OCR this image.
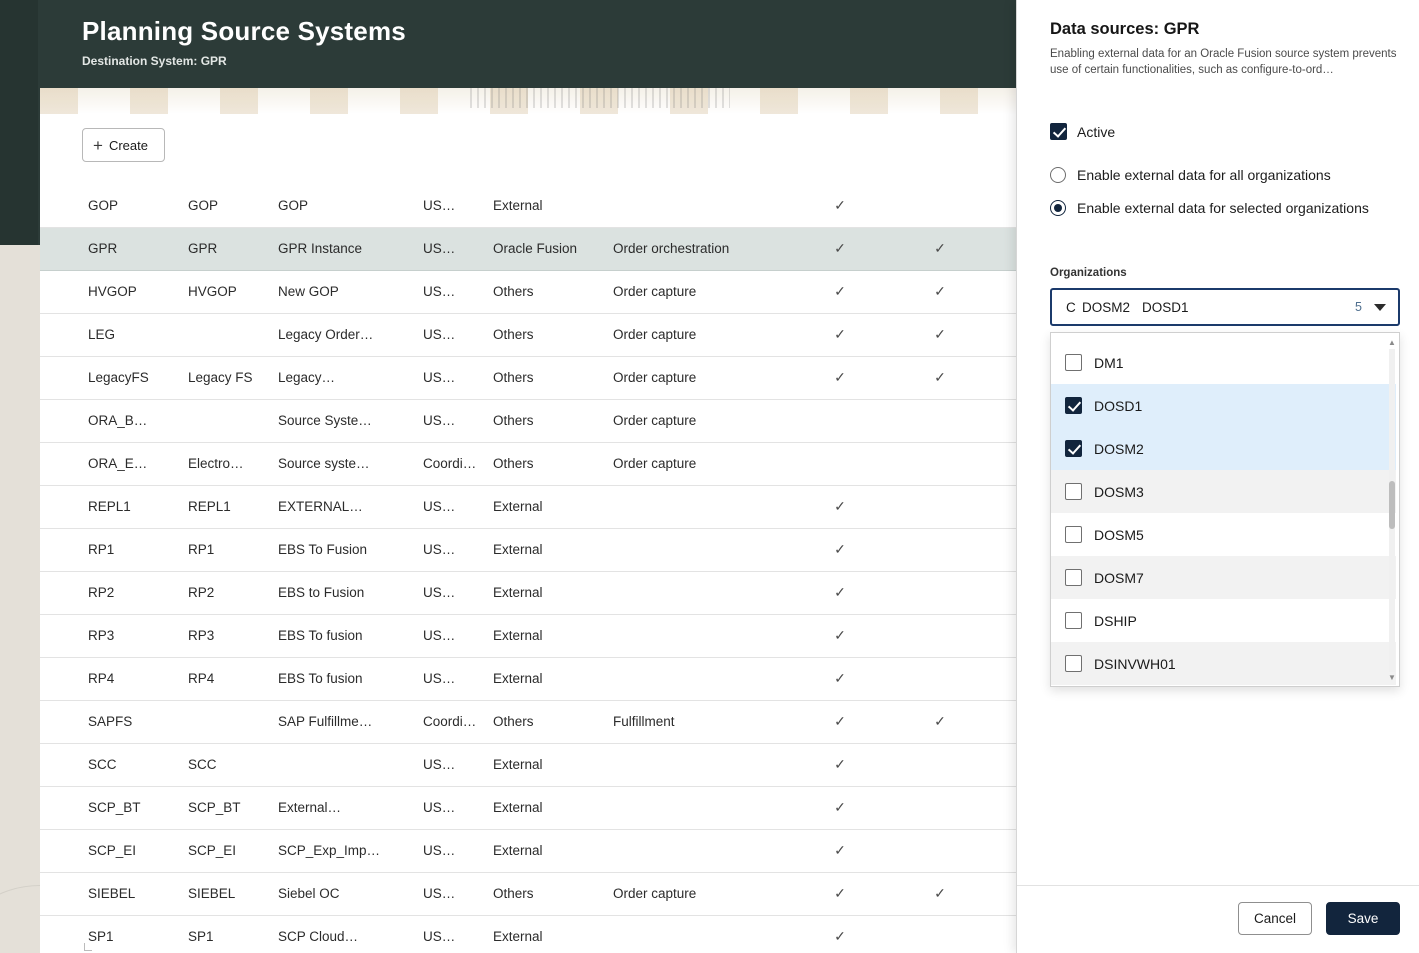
Planning Source Systems
Destination System: GPR
+ Create
	GOP	GOP	GOP	US…	External		✓		
	GPR	GPR	GPR Instance	US…	Oracle Fusion	Order orchestration	✓	✓	
	HVGOP	HVGOP	New GOP	US…	Others	Order capture	✓	✓	
	LEG		Legacy Order…	US…	Others	Order capture	✓	✓	
	LegacyFS	Legacy FS	Legacy…	US…	Others	Order capture	✓	✓	
	ORA_B…		Source Syste…	US…	Others	Order capture			
	ORA_E…	Electro…	Source syste…	Coordi…	Others	Order capture			
	REPL1	REPL1	EXTERNAL…	US…	External		✓		
	RP1	RP1	EBS To Fusion	US…	External		✓		
	RP2	RP2	EBS to Fusion	US…	External		✓		
	RP3	RP3	EBS To fusion	US…	External		✓		
	RP4	RP4	EBS To fusion	US…	External		✓		
	SAPFS		SAP Fulfillme…	Coordi…	Others	Fulfillment	✓	✓	
	SCC	SCC		US…	External		✓		
	SCP_BT	SCP_BT	External…	US…	External		✓		
	SCP_EI	SCP_EI	SCP_Exp_Imp…	US…	External		✓		
	SIEBEL	SIEBEL	Siebel OC	US…	Others	Order capture	✓	✓	
	SP1	SP1	SCP Cloud…	US…	External		✓		
Data sources: GPR
Enabling external data for an Oracle Fusion source system prevents use of certain functionalities, such as configure-to-ord…
Active
Enable external data for all organizations
Enable external data for selected organizations
Organizations
C DOSM2 DOSD1	5
DM1
DOSD1
DOSM2
DOSM3
DOSM5
DOSM7
DSHIP
DSINVWH01
▲
▼
Cancel	Save
